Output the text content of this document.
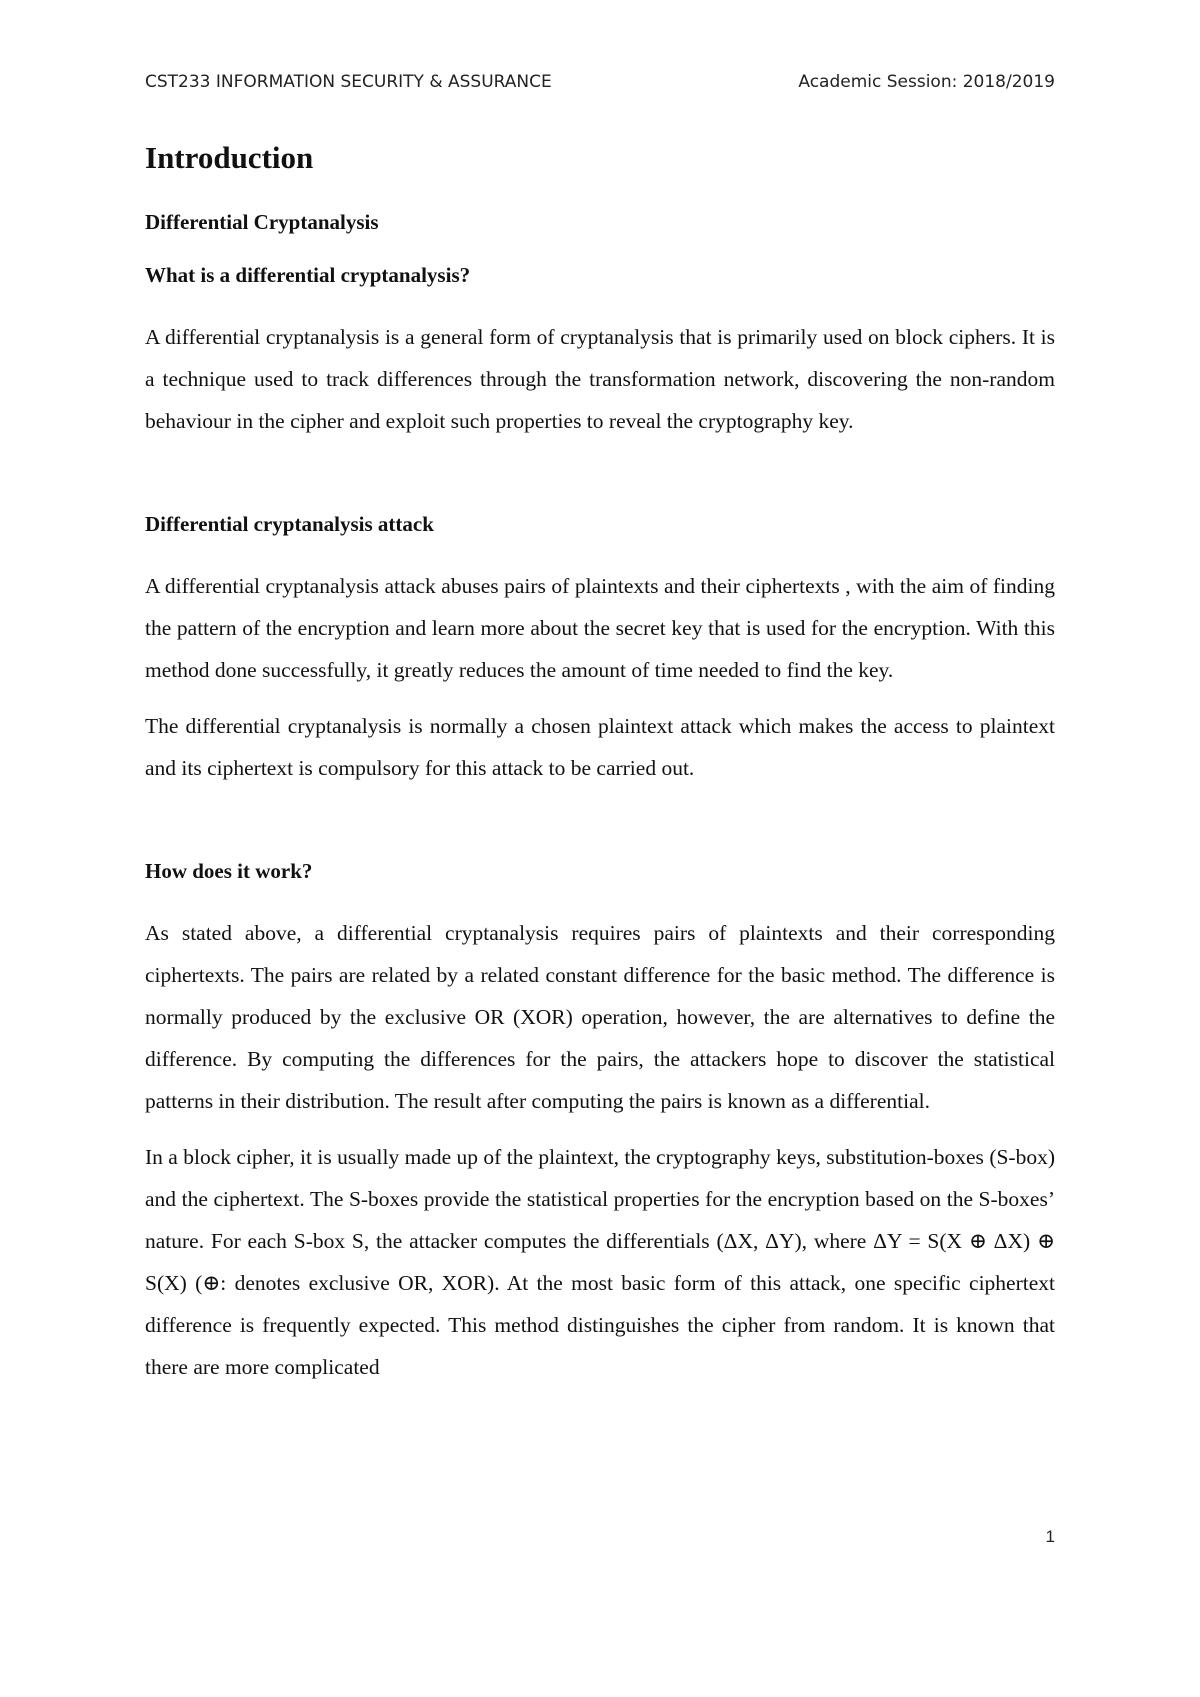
CST233 INFORMATION SECURITY & ASSURANCE	Academic Session: 2018/2019
Introduction
Differential Cryptanalysis
What is a differential cryptanalysis?

A differential cryptanalysis is a general form of cryptanalysis that is primarily used on block ciphers. It is a technique used to track differences through the transformation network, discovering the non-random behaviour in the cipher and exploit such properties to reveal the cryptography key.

Differential cryptanalysis attack

A differential cryptanalysis attack abuses pairs of plaintexts and their ciphertexts , with the aim of finding the pattern of the encryption and learn more about the secret key that is used for the encryption. With this method done successfully, it greatly reduces the amount of time needed to find the key.

The differential cryptanalysis is normally a chosen plaintext attack which makes the access to plaintext and its ciphertext is compulsory for this attack to be carried out.

How does it work?

As stated above, a differential cryptanalysis requires pairs of plaintexts and their corresponding ciphertexts. The pairs are related by a related constant difference for the basic method. The difference is normally produced by the exclusive OR (XOR) operation, however, the are alternatives to define the difference. By computing the differences for the pairs, the attackers hope to discover the statistical patterns in their distribution. The result after computing the pairs is known as a differential.

In a block cipher, it is usually made up of the plaintext, the cryptography keys, substitution-boxes (S-box) and the ciphertext. The S-boxes provide the statistical properties for the encryption based on the S-boxes’ nature. For each S-box S, the attacker computes the differentials (ΔX, ΔY), where ΔY = S(X ⊕ ΔX) ⊕ S(X) (⊕: denotes exclusive OR, XOR). At the most basic form of this attack, one specific ciphertext difference is frequently expected. This method distinguishes the cipher from random. It is known that there are more complicated

1
